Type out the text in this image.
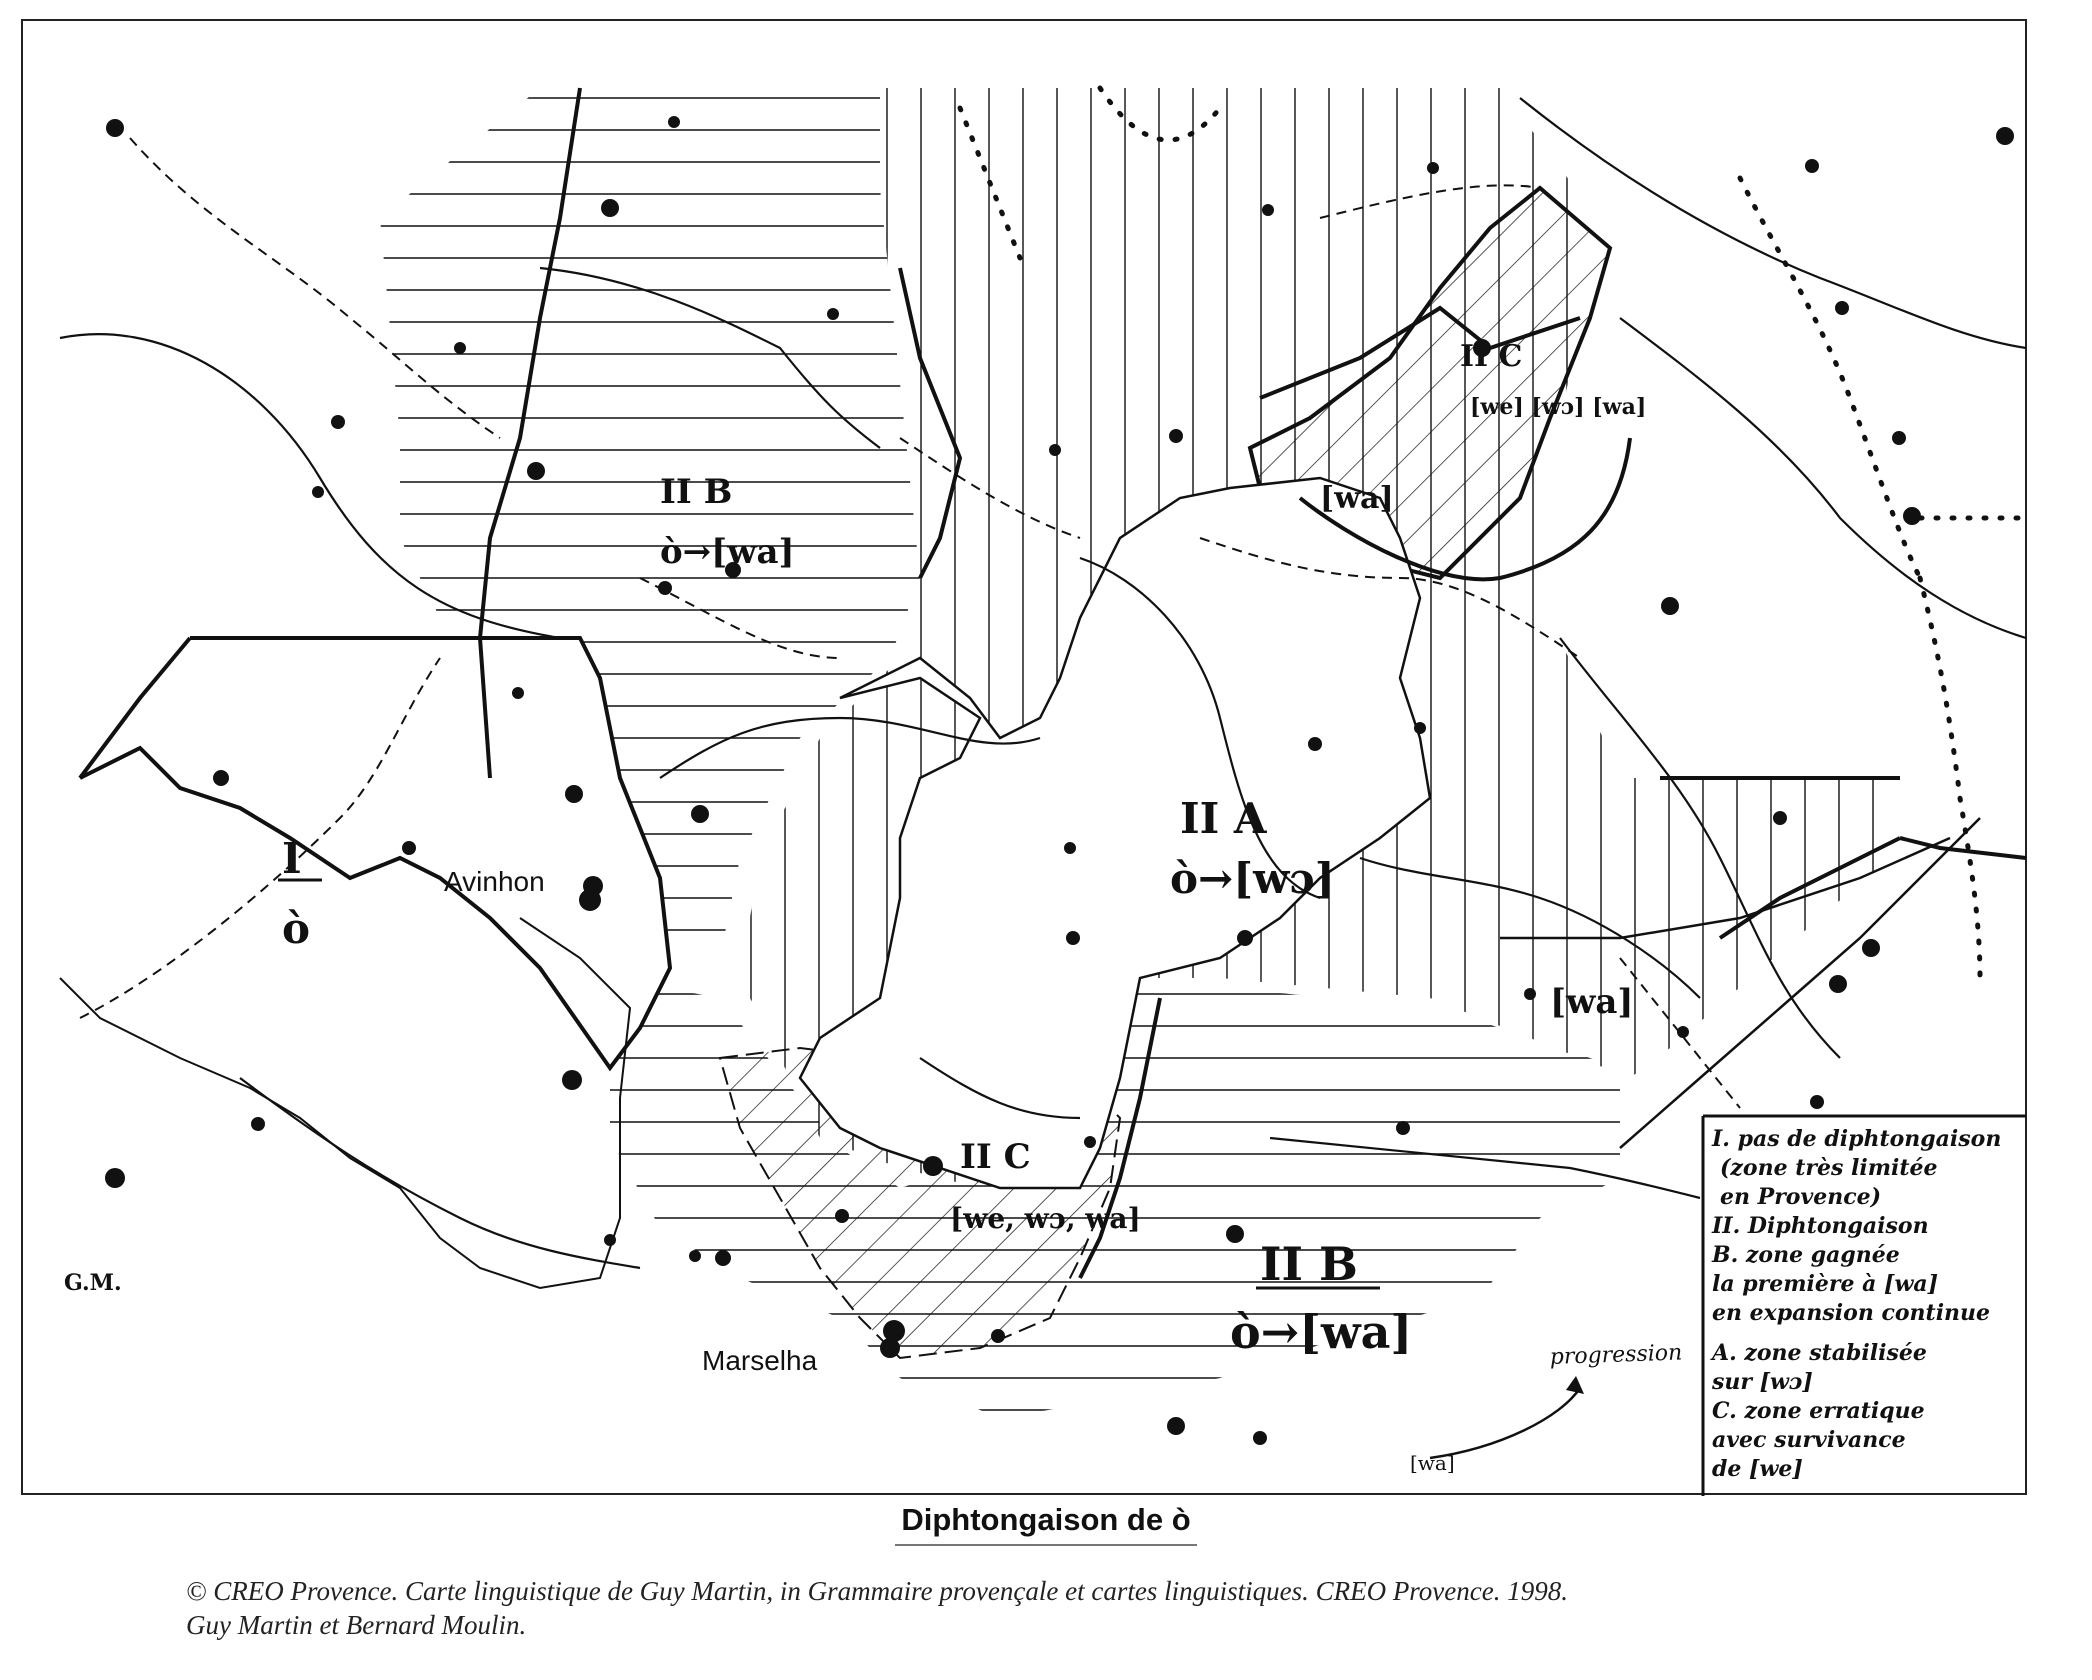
Avinhon
Marselha
I
ò
II B
ò→[wa]
II A
ò→[wɔ]
II C
[we, wɔ, wa]
II C
[we] [wɔ] [wa]
[wa]
[wa]
II B
ò→[wa]
G.M.
progression
[wa]
I. pas de diphtongaison
(zone très limitée
en Provence)
II. Diphtongaison
B. zone gagnée
la première à [wa]
en expansion continue
A. zone stabilisée
sur [wɔ]
C. zone erratique
avec survivance
de [we]
Diphtongaison de ò
© CREO Provence. Carte linguistique de Guy Martin, in Grammaire provençale et cartes linguistiques. CREO Provence. 1998.
Guy Martin et Bernard Moulin.
